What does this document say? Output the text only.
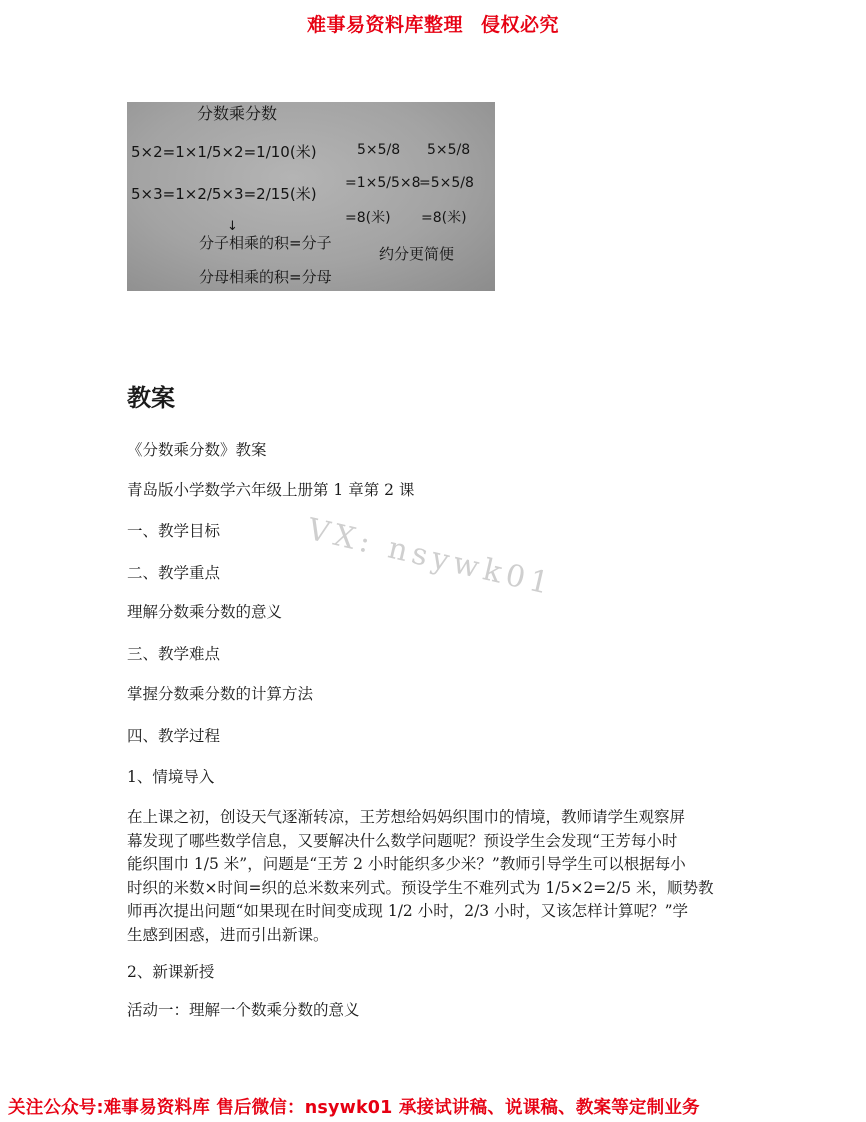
难事易资料库整理 侵权必究
分数乘分数
5×2=1×1/5×2=1/10(米)
5×3=1×2/5×3=2/15(米)
↓
分子相乘的积=分子
分母相乘的积=分母
5×5/8
=1×5/5×8
=8(米)
5×5/8
=5×5/8
=8(米)
约分更简便
教案
《分数乘分数》教案
青岛版小学数学六年级上册第 1 章第 2 课
一、教学目标
二、教学重点
理解分数乘分数的意义
三、教学难点
掌握分数乘分数的计算方法
四、教学过程
1、情境导入
在上课之初，创设天气逐渐转凉，王芳想给妈妈织围巾的情境，教师请学生观察屏
幕发现了哪些数学信息，又要解决什么数学问题呢？预设学生会发现“王芳每小时
能织围巾 1/5 米”，问题是“王芳 2 小时能织多少米？”教师引导学生可以根据每小
时织的米数×时间=织的总米数来列式。预设学生不难列式为 1/5×2=2/5 米，顺势教
师再次提出问题“如果现在时间变成现 1/2 小时，2/3 小时，又该怎样计算呢？”学
生感到困惑，进而引出新课。
2、新课新授
活动一：理解一个数乘分数的意义
VX: nsywk01
关注公众号:难事易资料库 售后微信：nsywk01 承接试讲稿、说课稿、教案等定制业务
